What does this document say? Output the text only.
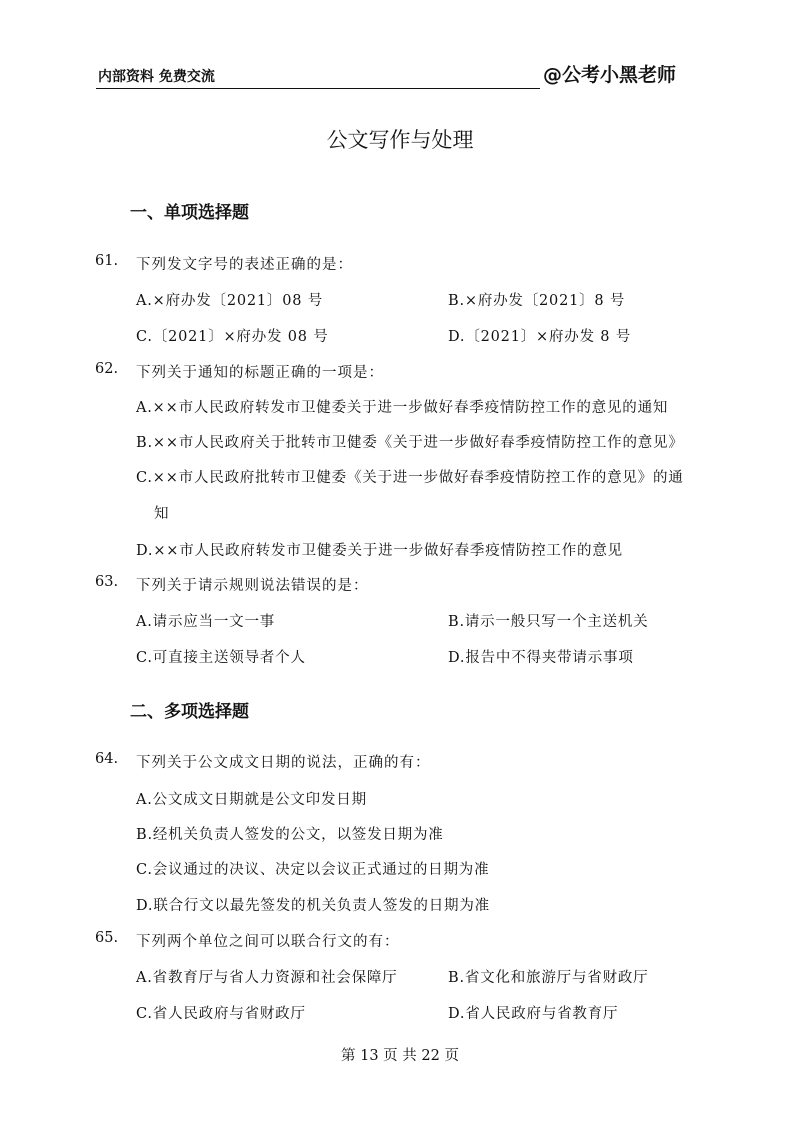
内部资料 免费交流	@公考小黑老师
公文写作与处理
一、单项选择题
61. 下列发文字号的表述正确的是：
A.×府办发〔2021〕08 号	B.×府办发〔2021〕8 号
C.〔2021〕×府办发 08 号	D.〔2021〕×府办发 8 号
62. 下列关于通知的标题正确的一项是：
A.××市人民政府转发市卫健委关于进一步做好春季疫情防控工作的意见的通知
B.××市人民政府关于批转市卫健委《关于进一步做好春季疫情防控工作的意见》
C.××市人民政府批转市卫健委《关于进一步做好春季疫情防控工作的意见》的通
知
D.××市人民政府转发市卫健委关于进一步做好春季疫情防控工作的意见
63. 下列关于请示规则说法错误的是：
A.请示应当一文一事	B.请示一般只写一个主送机关
C.可直接主送领导者个人	D.报告中不得夹带请示事项
二、多项选择题
64. 下列关于公文成文日期的说法，正确的有：
A.公文成文日期就是公文印发日期
B.经机关负责人签发的公文，以签发日期为准
C.会议通过的决议、决定以会议正式通过的日期为准
D.联合行文以最先签发的机关负责人签发的日期为准
65. 下列两个单位之间可以联合行文的有：
A.省教育厅与省人力资源和社会保障厅	B.省文化和旅游厅与省财政厅
C.省人民政府与省财政厅	D.省人民政府与省教育厅
第 13 页 共 22 页
